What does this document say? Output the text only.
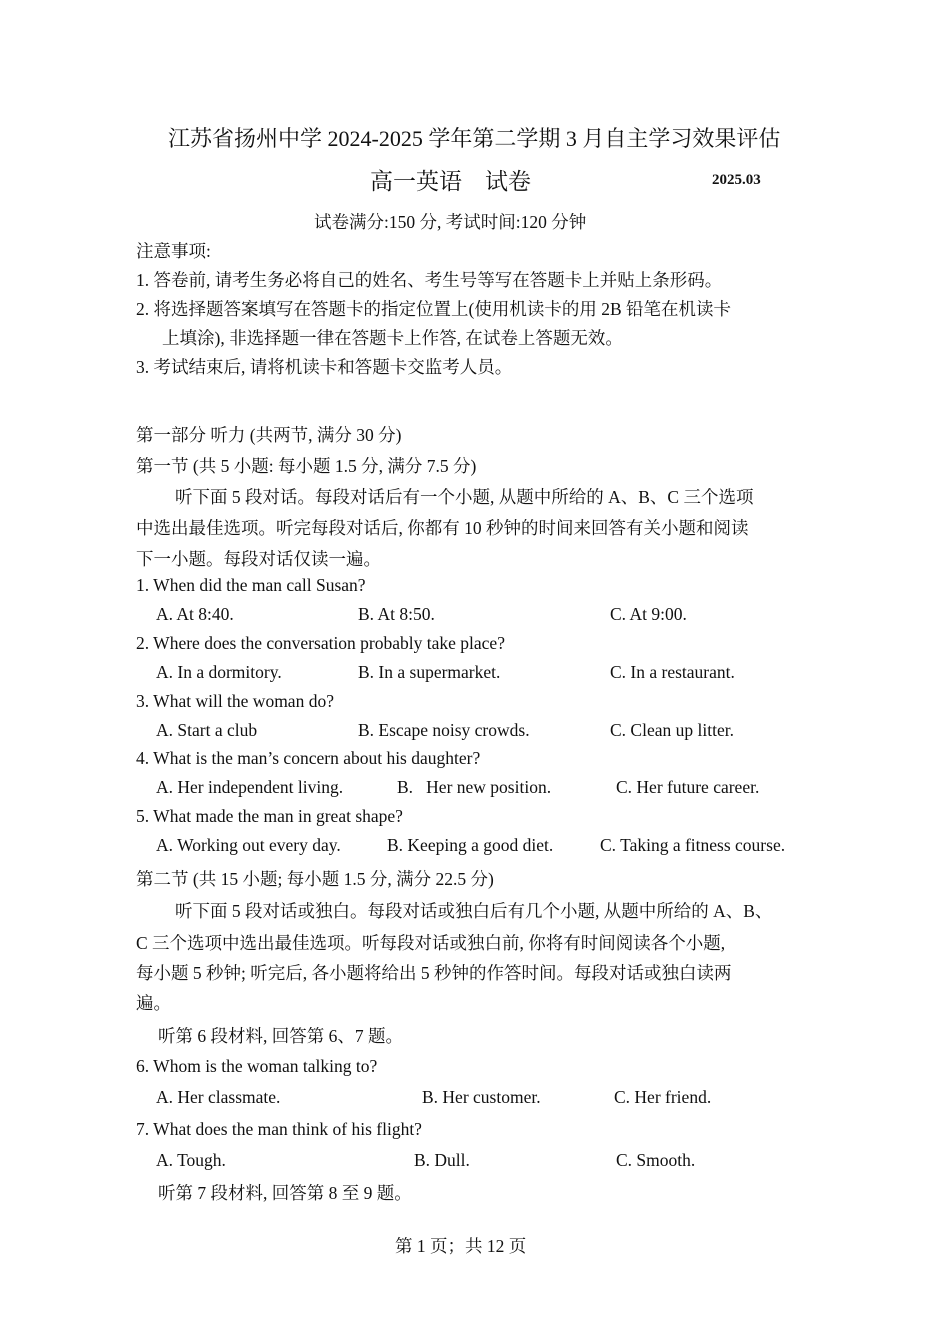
江苏省扬州中学 2024-2025 学年第二学期 3 月自主学习效果评估
高一英语　试卷	2025.03
试卷满分:150 分, 考试时间:120 分钟
注意事项:
1. 答卷前, 请考生务必将自己的姓名、考生号等写在答题卡上并贴上条形码。
2. 将选择题答案填写在答题卡的指定位置上(使用机读卡的用 2B 铅笔在机读卡
上填涂), 非选择题一律在答题卡上作答, 在试卷上答题无效。
3. 考试结束后, 请将机读卡和答题卡交监考人员。
第一部分 听力 (共两节, 满分 30 分)
第一节 (共 5 小题: 每小题 1.5 分, 满分 7.5 分)
听下面 5 段对话。每段对话后有一个小题, 从题中所给的 A、B、C 三个选项
中选出最佳选项。听完每段对话后, 你都有 10 秒钟的时间来回答有关小题和阅读
下一小题。每段对话仅读一遍。
1. When did the man call Susan?
A. At 8:40.	B. At 8:50.	C. At 9:00.
2. Where does the conversation probably take place?
A. In a dormitory.	B. In a supermarket.	C. In a restaurant.
3. What will the woman do?
A. Start a club	B. Escape noisy crowds.	C. Clean up litter.
4. What is the man’s concern about his daughter?
A. Her independent living.	B.   Her new position.	C. Her future career.
5. What made the man in great shape?
A. Working out every day.	B. Keeping a good diet.	C. Taking a fitness course.
第二节 (共 15 小题; 每小题 1.5 分, 满分 22.5 分)
听下面 5 段对话或独白。每段对话或独白后有几个小题, 从题中所给的 A、B、
C 三个选项中选出最佳选项。听每段对话或独白前, 你将有时间阅读各个小题,
每小题 5 秒钟; 听完后, 各小题将给出 5 秒钟的作答时间。每段对话或独白读两
遍。
听第 6 段材料, 回答第 6、7 题。
6. Whom is the woman talking to?
A. Her classmate.	B. Her customer.	C. Her friend.
7. What does the man think of his flight?
A. Tough.	B. Dull.	C. Smooth.
听第 7 段材料, 回答第 8 至 9 题。
第 1 页；共 12 页
